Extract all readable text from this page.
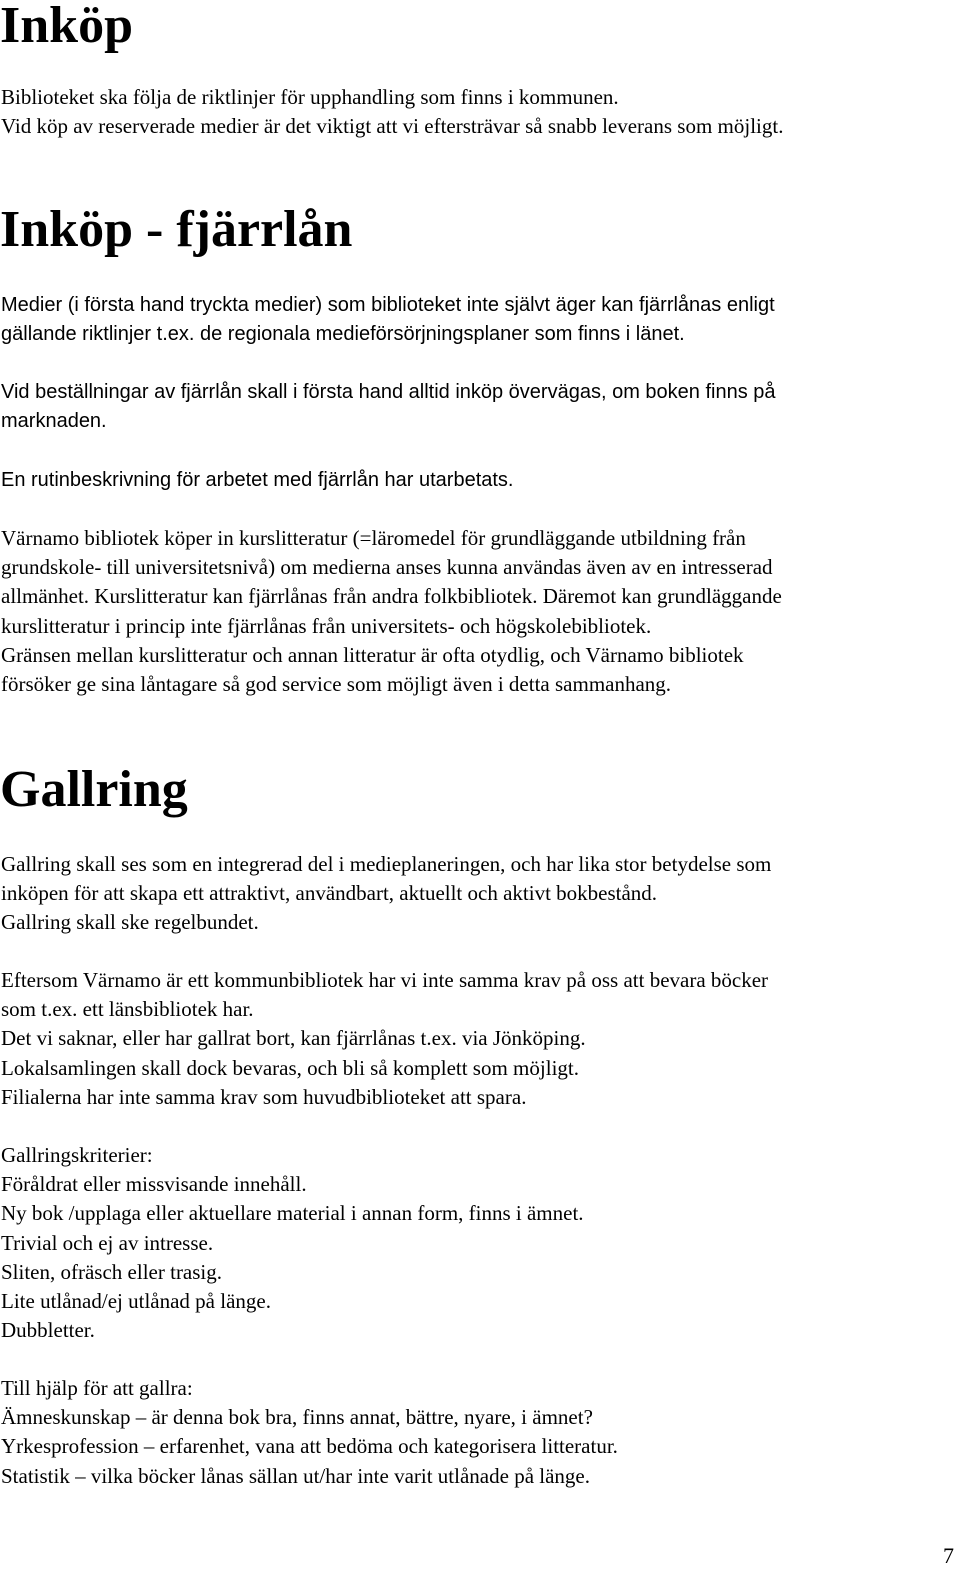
Inköp

Biblioteket ska följa de riktlinjer för upphandling som finns i kommunen.
Vid köp av reserverade medier är det viktigt att vi eftersträvar så snabb leverans som möjligt.

Inköp - fjärrlån

Medier (i första hand tryckta medier) som biblioteket inte självt äger kan fjärrlånas enligt
gällande riktlinjer t.ex. de regionala medieförsörjningsplaner som finns i länet.

Vid beställningar av fjärrlån skall i första hand alltid inköp övervägas, om boken finns på
marknaden.

En rutinbeskrivning för arbetet med fjärrlån har utarbetats.

Värnamo bibliotek köper in kurslitteratur (=läromedel för grundläggande utbildning från
grundskole- till universitetsnivå) om medierna anses kunna användas även av en intresserad
allmänhet. Kurslitteratur kan fjärrlånas från andra folkbibliotek. Däremot kan grundläggande
kurslitteratur i princip inte fjärrlånas från universitets- och högskolebibliotek.
Gränsen mellan kurslitteratur och annan litteratur är ofta otydlig, och Värnamo bibliotek
försöker ge sina låntagare så god service som möjligt även i detta sammanhang.

Gallring

Gallring skall ses som en integrerad del i medieplaneringen, och har lika stor betydelse som
inköpen för att skapa ett attraktivt, användbart, aktuellt och aktivt bokbestånd.
Gallring skall ske regelbundet.

Eftersom Värnamo är ett kommunbibliotek har vi inte samma krav på oss att bevara böcker
som t.ex. ett länsbibliotek har.
Det vi saknar, eller har gallrat bort, kan fjärrlånas t.ex. via Jönköping.
Lokalsamlingen skall dock bevaras, och bli så komplett som möjligt.
Filialerna har inte samma krav som huvudbiblioteket att spara.

Gallringskriterier:
Föråldrat eller missvisande innehåll.
Ny bok /upplaga eller aktuellare material i annan form, finns i ämnet.
Trivial och ej av intresse.
Sliten, ofräsch eller trasig.
Lite utlånad/ej utlånad på länge.
Dubbletter.

Till hjälp för att gallra:
Ämneskunskap – är denna bok bra, finns annat, bättre, nyare, i ämnet?
Yrkesprofession – erfarenhet, vana att bedöma och kategorisera litteratur.
Statistik – vilka böcker lånas sällan ut/har inte varit utlånade på länge.

7
